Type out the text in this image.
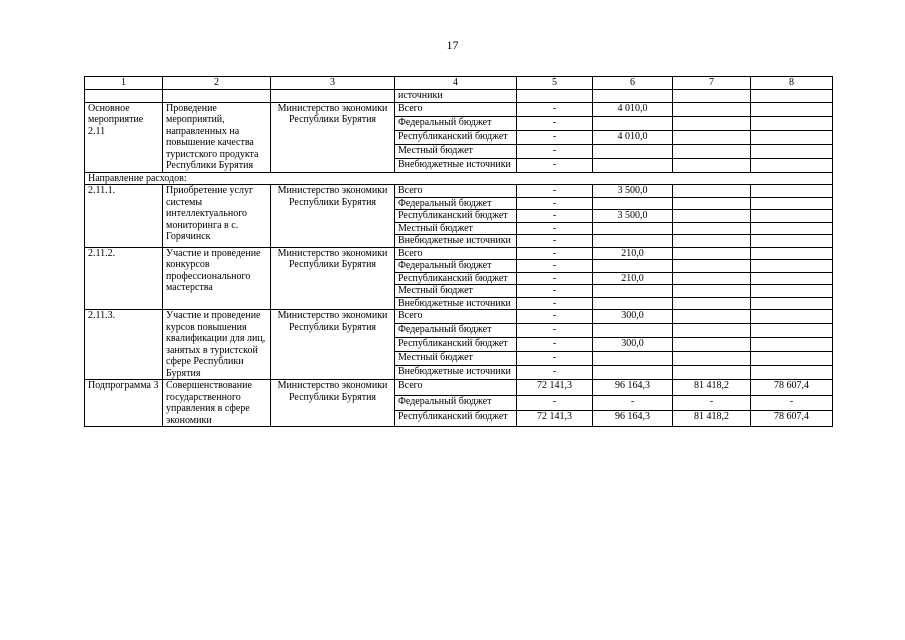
17
1	2	3	4	5	6	7	8
			источники				
Основное мероприятие 2.11	Проведение мероприятий, направленных на повышение качества туристского продукта Республики Бурятия	Министерство экономики Республики Бурятия	Всего	-	4 010,0		
			Федеральный бюджет	-			
			Республиканский бюджет	-	4 010,0		
			Местный бюджет	-			
			Внебюджетные источники	-			
Направление расходов:							
2.11.1.	Приобретение услуг системы интеллектуального мониторинга в с. Горячинск	Министерство экономики Республики Бурятия	Всего	-	3 500,0		
			Федеральный бюджет	-			
			Республиканский бюджет	-	3 500,0		
			Местный бюджет	-			
			Внебюджетные источники	-			
2.11.2.	Участие и проведение конкурсов профессионального мастерства	Министерство экономики Республики Бурятия	Всего	-	210,0		
			Федеральный бюджет	-			
			Республиканский бюджет	-	210,0		
			Местный бюджет	-			
			Внебюджетные источники	-			
2.11.3.	Участие и проведение курсов повышения квалификации для лиц, занятых в туристской сфере Республики Бурятия	Министерство экономики Республики Бурятия	Всего	-	300,0		
			Федеральный бюджет	-			
			Республиканский бюджет	-	300,0		
			Местный бюджет	-			
			Внебюджетные источники	-			
Подпрограмма 3	Совершенствование государственного управления в сфере экономики	Министерство экономики Республики Бурятия	Всего	72 141,3	96 164,3	81 418,2	78 607,4
			Федеральный бюджет	-	-	-	-
			Республиканский бюджет	72 141,3	96 164,3	81 418,2	78 607,4
